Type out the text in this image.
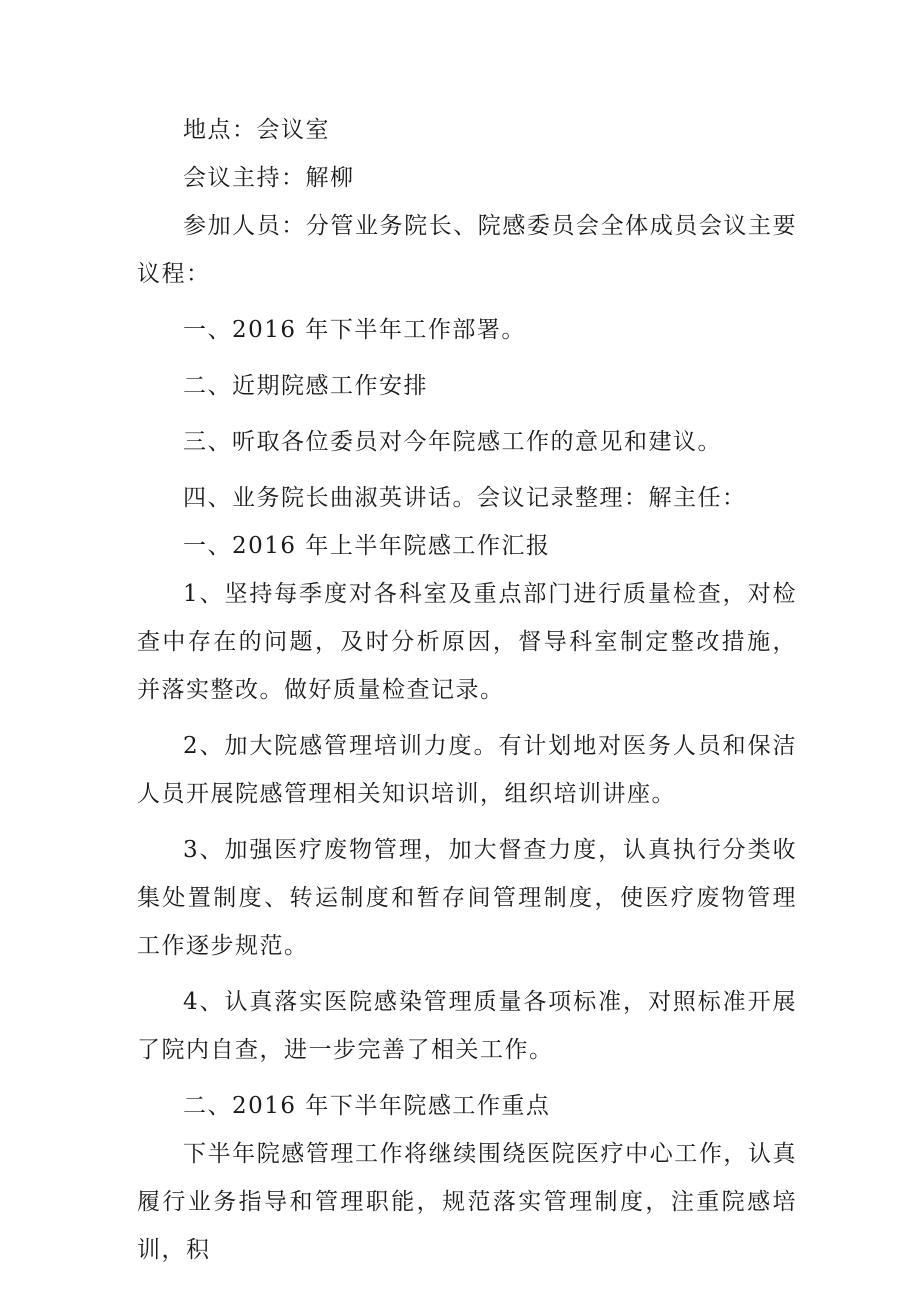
地点：会议室

会议主持：解柳

参加人员：分管业务院长、院感委员会全体成员会议主要议程：

一、2016 年下半年工作部署。

二、近期院感工作安排

三、听取各位委员对今年院感工作的意见和建议。

四、业务院长曲淑英讲话。会议记录整理：解主任：

一、2016 年上半年院感工作汇报

1、坚持每季度对各科室及重点部门进行质量检查，对检查中存在的问题，及时分析原因，督导科室制定整改措施，并落实整改。做好质量检查记录。

2、加大院感管理培训力度。有计划地对医务人员和保洁人员开展院感管理相关知识培训，组织培训讲座。

3、加强医疗废物管理，加大督查力度，认真执行分类收集处置制度、转运制度和暂存间管理制度，使医疗废物管理工作逐步规范。

4、认真落实医院感染管理质量各项标准，对照标准开展了院内自查，进一步完善了相关工作。

二、2016 年下半年院感工作重点

下半年院感管理工作将继续围绕医院医疗中心工作，认真履行业务指导和管理职能，规范落实管理制度，注重院感培训，积
